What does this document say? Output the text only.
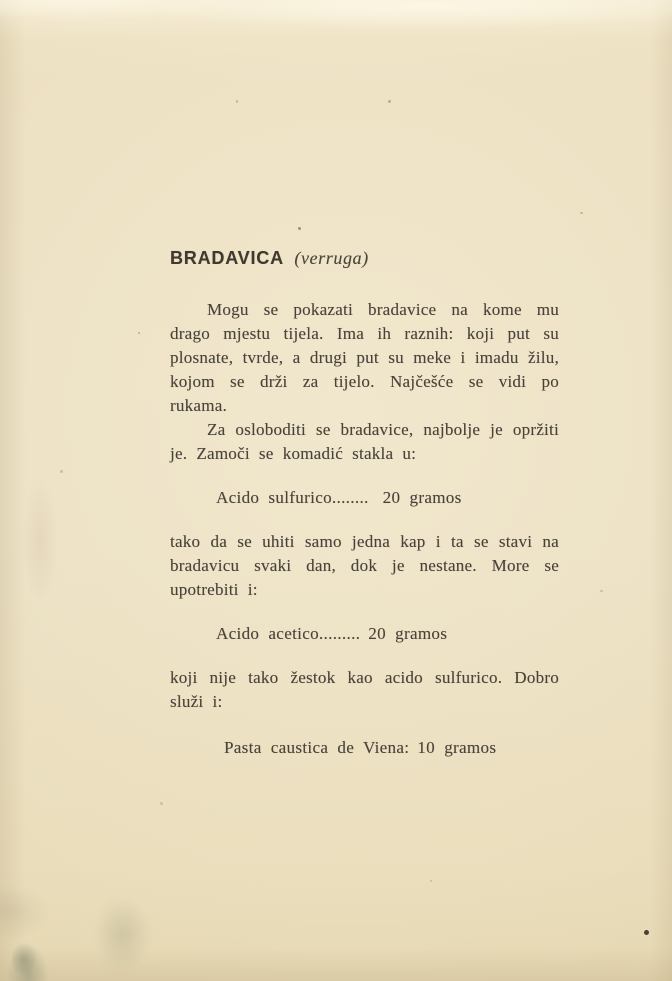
BRADAVICA (verruga)

Mogu se pokazati bradavice na kome mu drago mjestu tijela. Ima ih raznih: koji put su plosnate, tvrde, a drugi put su meke i imadu žilu, kojom se drži za tijelo. Najčešće se vidi po rukama.

Za osloboditi se bradavice, najbolje je opržiti je. Zamoči se komadić stakla u:

Acido sulfurico........ 20 gramos

tako da se uhiti samo jedna kap i ta se stavi na bradavicu svaki dan, dok je nestane. More se upotrebiti i:

Acido acetico......... 20 gramos

koji nije tako žestok kao acido sulfurico. Dobro služi i:

Pasta caustica de Viena: 10 gramos
